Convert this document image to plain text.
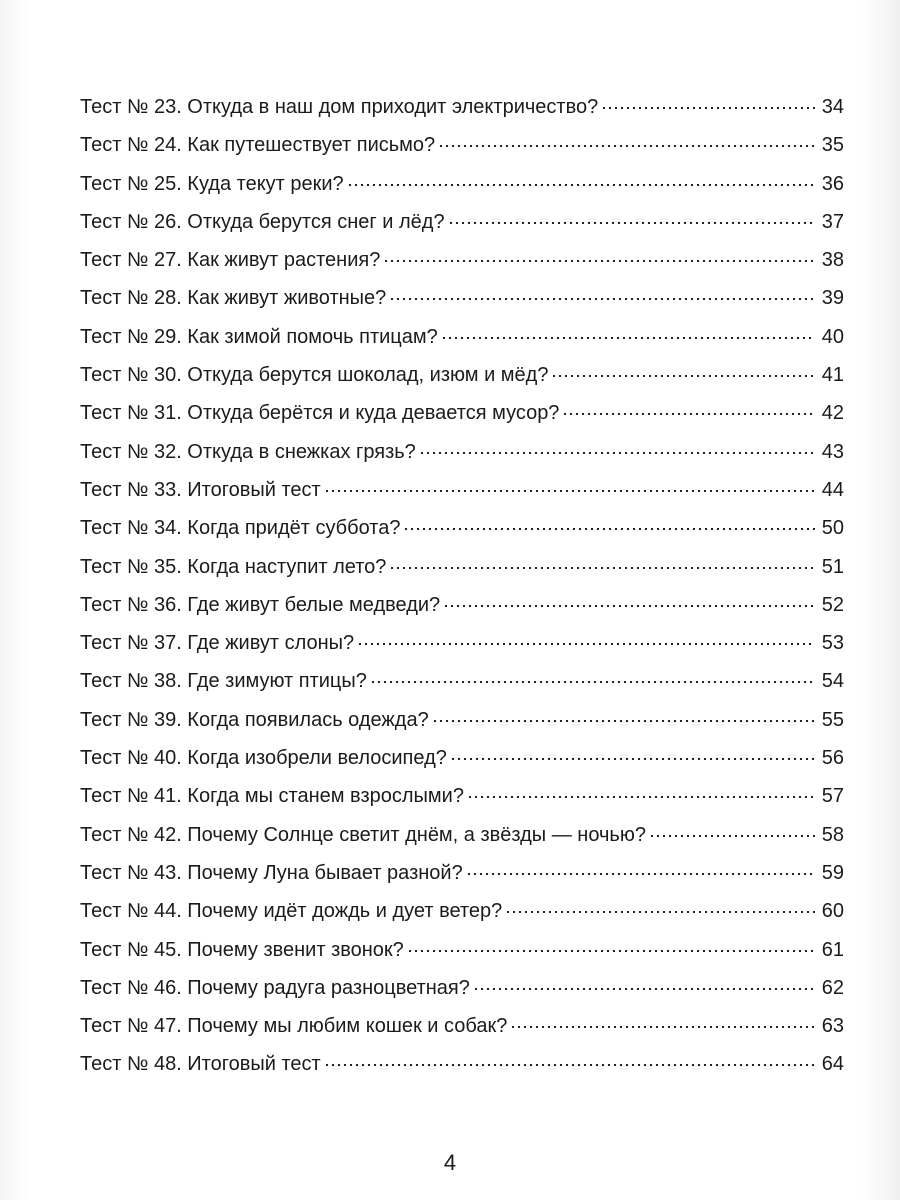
Тест № 23. Откуда в наш дом приходит электричество?	34
Тест № 24. Как путешествует письмо?	35
Тест № 25. Куда текут реки?	36
Тест № 26. Откуда берутся снег и лёд?	37
Тест № 27. Как живут растения?	38
Тест № 28. Как живут животные?	39
Тест № 29. Как зимой помочь птицам?	40
Тест № 30. Откуда берутся шоколад, изюм и мёд?	41
Тест № 31. Откуда берётся и куда девается мусор?	42
Тест № 32. Откуда в снежках грязь?	43
Тест № 33. Итоговый тест	44
Тест № 34. Когда придёт суббота?	50
Тест № 35. Когда наступит лето?	51
Тест № 36. Где живут белые медведи?	52
Тест № 37. Где живут слоны?	53
Тест № 38. Где зимуют птицы?	54
Тест № 39. Когда появилась одежда?	55
Тест № 40. Когда изобрели велосипед?	56
Тест № 41. Когда мы станем взрослыми?	57
Тест № 42. Почему Солнце светит днём, а звёзды — ночью?	58
Тест № 43. Почему Луна бывает разной?	59
Тест № 44. Почему идёт дождь и дует ветер?	60
Тест № 45. Почему звенит звонок?	61
Тест № 46. Почему радуга разноцветная?	62
Тест № 47. Почему мы любим кошек и собак?	63
Тест № 48. Итоговый тест	64
4
